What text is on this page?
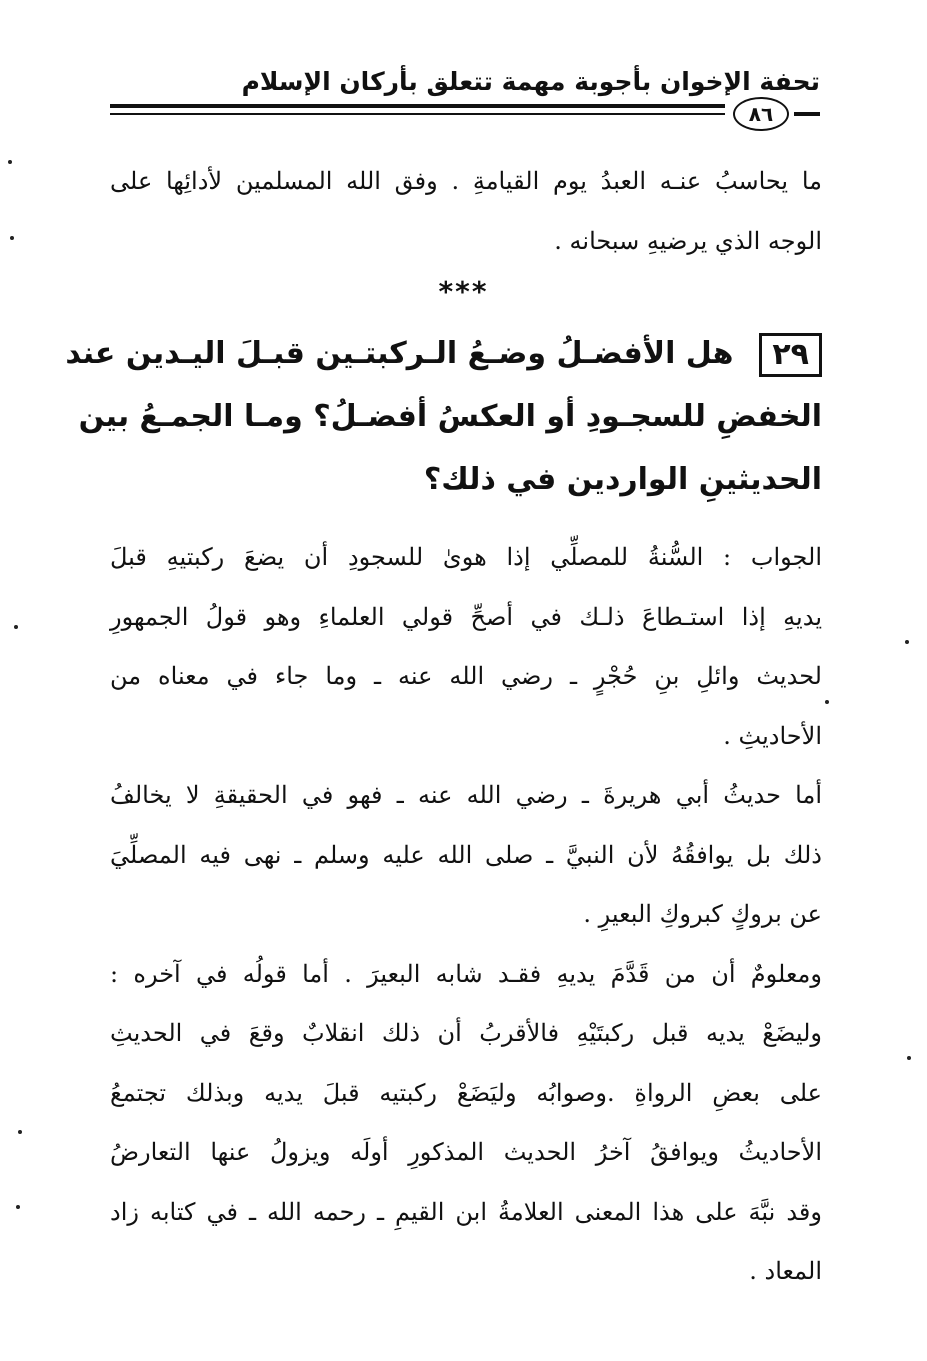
تحفة الإخوان بأجوبة مهمة تتعلق بأركان الإسلام
٨٦
ما يحاسبُ عنـه العبدُ يوم القيامةِ . وفق الله المسلمين لأدائِها على
الوجه الذي يرضيهِ سبحانه .
***
٢٩هل الأفضـلُ وضـعُ الـركبتـين قبـلَ اليـدين عند
الخفضِ للسجـودِ أو العكسُ أفضـلُ؟ ومـا الجمـعُ بين
الحديثينِ الواردين في ذلك؟
الجواب : السُّنةُ للمصلِّي إذا هوىٰ للسجودِ أن يضعَ ركبتيهِ قبلَ
يديهِ إذا استـطاعَ ذلـك في أصحِّ قولي العلماءِ وهو قولُ الجمهورِ
لحديث وائلِ بنِ حُجْرٍ ـ رضي الله عنه ـ وما جاء في معناه من
الأحاديثِ .
أما حديثُ أبي هريرةَ ـ رضي الله عنه ـ فهو في الحقيقةِ لا يخالفُ
ذلك بل يوافقُهُ لأن النبيَّ ـ صلى الله عليه وسلم ـ نهى فيه المصلِّيَ
عن بروكٍ كبروكِ البعيرِ .
ومعلومٌ أن من قَدَّمَ يديهِ فقـد شابه البعيرَ . أما قولُه في آخره :
وليضَعْ يديه قبل ركبتَيْهِ فالأقربُ أن ذلك انقلابٌ وقعَ في الحديثِ
على بعضِ الرواةِ .وصوابُه وليَضَعْ ركبتيه قبلَ يديه وبذلك تجتمعُ
الأحاديثُ ويوافقُ آخرُ الحديث المذكورِ أولَه ويزولُ عنها التعارضُ
وقد نبَّهَ على هذا المعنى العلامةُ ابن القيمِ ـ رحمه الله ـ في كتابه زاد
المعاد .
